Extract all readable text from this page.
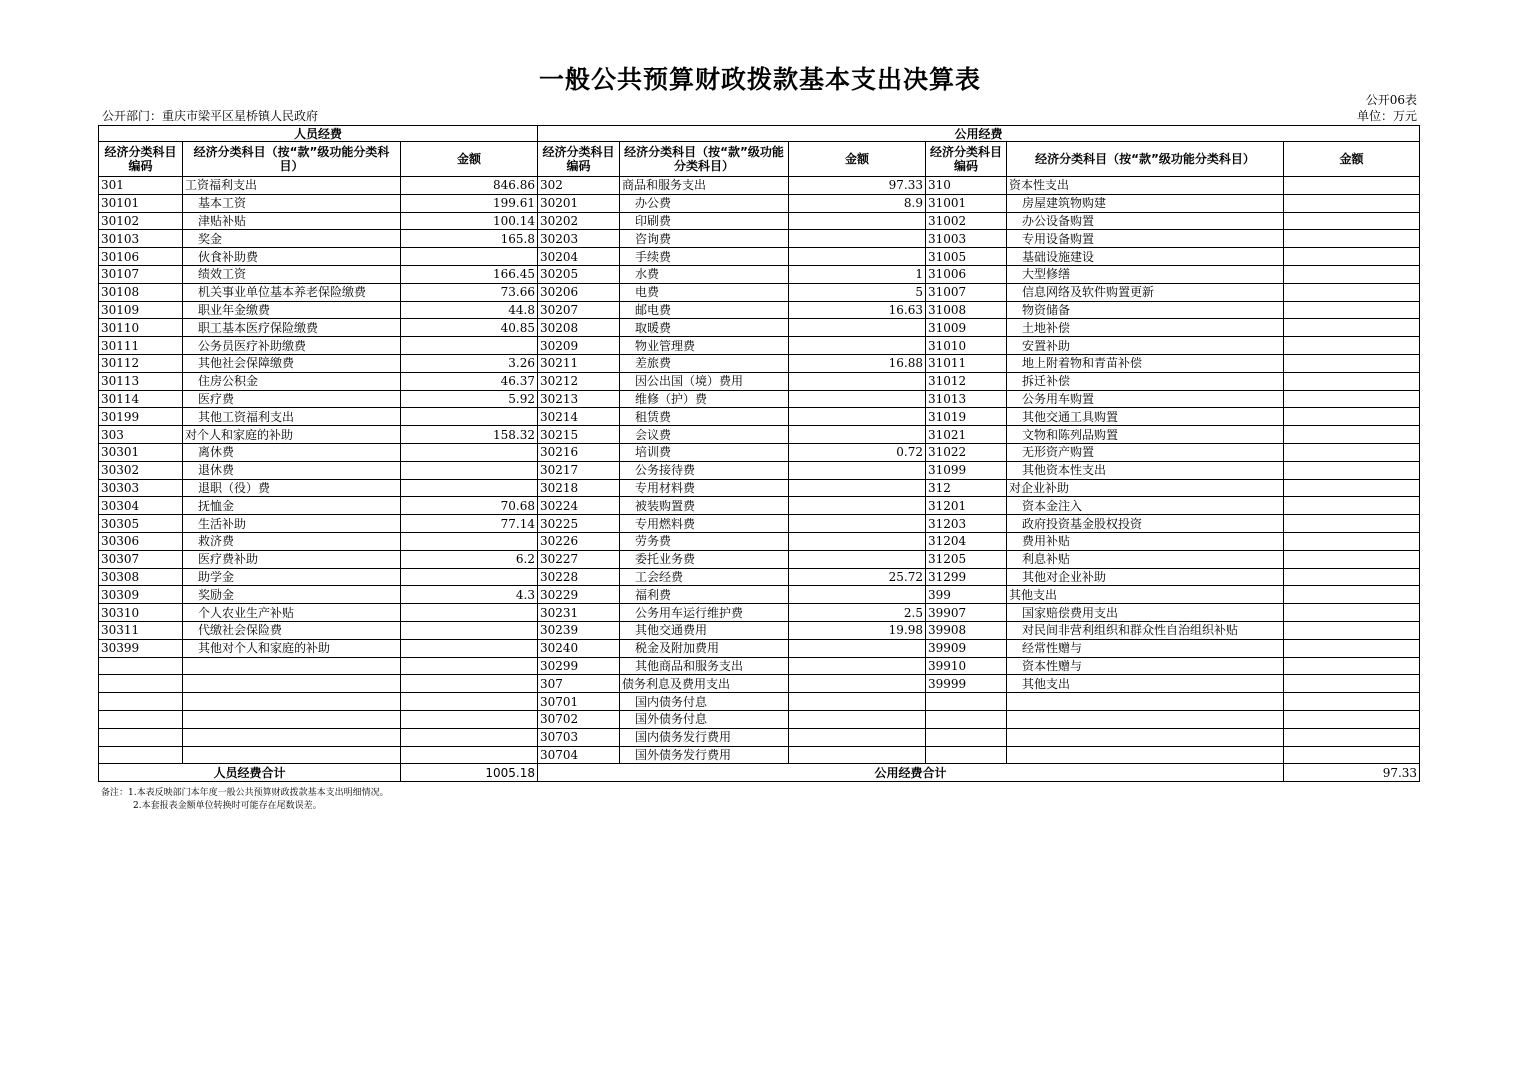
一般公共预算财政拨款基本支出决算表
公开06表
公开部门：重庆市梁平区星桥镇人民政府	单位：万元
人员经费			公用经费					
经济分类科目编码	经济分类科目（按“款”级功能分类科目）	金额	经济分类科目编码	经济分类科目（按“款”级功能分类科目）	金额	经济分类科目编码	经济分类科目（按“款”级功能分类科目）	金额
301	工资福利支出	846.86	302	商品和服务支出	97.33	310	资本性支出	
30101	基本工资	199.61	30201	办公费	8.9	31001	房屋建筑物购建	
30102	津贴补贴	100.14	30202	印刷费		31002	办公设备购置	
30103	奖金	165.8	30203	咨询费		31003	专用设备购置	
30106	伙食补助费		30204	手续费		31005	基础设施建设	
30107	绩效工资	166.45	30205	水费	1	31006	大型修缮	
30108	机关事业单位基本养老保险缴费	73.66	30206	电费	5	31007	信息网络及软件购置更新	
30109	职业年金缴费	44.8	30207	邮电费	16.63	31008	物资储备	
30110	职工基本医疗保险缴费	40.85	30208	取暖费		31009	土地补偿	
30111	公务员医疗补助缴费		30209	物业管理费		31010	安置补助	
30112	其他社会保障缴费	3.26	30211	差旅费	16.88	31011	地上附着物和青苗补偿	
30113	住房公积金	46.37	30212	因公出国（境）费用		31012	拆迁补偿	
30114	医疗费	5.92	30213	维修（护）费		31013	公务用车购置	
30199	其他工资福利支出		30214	租赁费		31019	其他交通工具购置	
303	对个人和家庭的补助	158.32	30215	会议费		31021	文物和陈列品购置	
30301	离休费		30216	培训费	0.72	31022	无形资产购置	
30302	退休费		30217	公务接待费		31099	其他资本性支出	
30303	退职（役）费		30218	专用材料费		312	对企业补助	
30304	抚恤金	70.68	30224	被装购置费		31201	资本金注入	
30305	生活补助	77.14	30225	专用燃料费		31203	政府投资基金股权投资	
30306	救济费		30226	劳务费		31204	费用补贴	
30307	医疗费补助	6.2	30227	委托业务费		31205	利息补贴	
30308	助学金		30228	工会经费	25.72	31299	其他对企业补助	
30309	奖励金	4.3	30229	福利费		399	其他支出	
30310	个人农业生产补贴		30231	公务用车运行维护费	2.5	39907	国家赔偿费用支出	
30311	代缴社会保险费		30239	其他交通费用	19.98	39908	对民间非营利组织和群众性自治组织补贴	
30399	其他对个人和家庭的补助		30240	税金及附加费用		39909	经常性赠与	
			30299	其他商品和服务支出		39910	资本性赠与	
			307	债务利息及费用支出		39999	其他支出	
			30701	国内债务付息				
			30702	国外债务付息				
			30703	国内债务发行费用				
			30704	国外债务发行费用				
人员经费合计		1005.18	公用经费合计					97.33
备注：1.本表反映部门本年度一般公共预算财政拨款基本支出明细情况。
2.本套报表金额单位转换时可能存在尾数误差。
